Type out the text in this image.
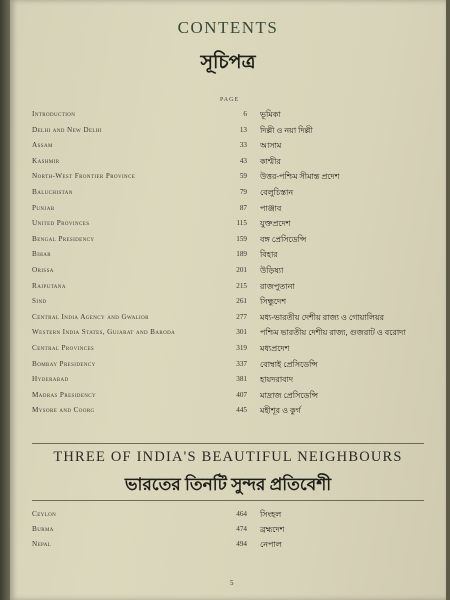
CONTENTS
সূচিপত্র
PAGE
Introduction	6 ভূমিকা
Delhi and New Delhi	13 দিল্লী ও নয়া দিল্লী
Assam	33 আসাম
Kashmir	43 কাশ্মীর
North-West Frontier Province	59 উত্তর-পশ্চিম সীমান্ত প্রদেশ
Baluchistan	79 বেলুচিস্তান
Punjab	87 পাঞ্জাব
United Provinces	115 যুক্তপ্রদেশ
Bengal Presidency	159 বঙ্গ প্রেসিডেন্সি
Bihar	189 বিহার
Orissa	201 উড়িষ্যা
Rajputana	215 রাজপুতানা
Sind	261 সিন্ধুদেশ
Central India Agency and Gwalior	277 মধ্য-ভারতীয় দেশীয় রাজ্য ও গোয়ালিয়র
Western India States, Gujarat and Baroda	301 পশ্চিম ভারতীয় দেশীয় রাজ্য, গুজরাট ও বরোদা
Central Provinces	319 মধ্যপ্রদেশ
Bombay Presidency	337 বোম্বাই প্রেসিডেন্সি
Hyderabad	381 হায়দরাবাদ
Madras Presidency	407 মাদ্রাজ প্রেসিডেন্সি
Mysore and Coorg	445 মহীশূর ও কুর্গ
THREE OF INDIA'S BEAUTIFUL NEIGHBOURS
ভারতের তিনটি সুন্দর প্রতিবেশী
Ceylon	464 সিংহল
Burma	474 ব্রহ্মদেশ
Nepal	494 নেপাল
5
